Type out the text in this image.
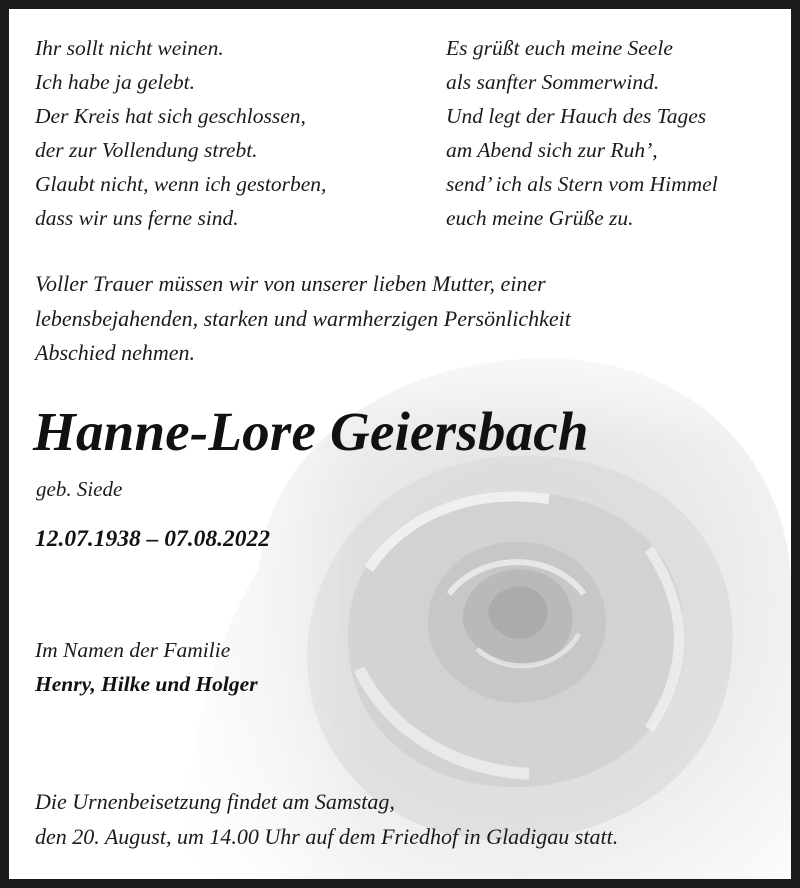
Ihr sollt nicht weinen.
Ich habe ja gelebt.
Der Kreis hat sich geschlossen,
der zur Vollendung strebt.
Glaubt nicht, wenn ich gestorben,
dass wir uns ferne sind.
Es grüßt euch meine Seele
als sanfter Sommerwind.
Und legt der Hauch des Tages
am Abend sich zur Ruh’,
send’ ich als Stern vom Himmel
euch meine Grüße zu.
Voller Trauer müssen wir von unserer lieben Mutter, einer
lebensbejahenden, starken und warmherzigen Persönlichkeit
Abschied nehmen.
Hanne-Lore Geiersbach
geb. Siede
12.07.1938 – 07.08.2022
Im Namen der Familie
Henry, Hilke und Holger
Die Urnenbeisetzung findet am Samstag,
den 20. August, um 14.00 Uhr auf dem Friedhof in Gladigau statt.
